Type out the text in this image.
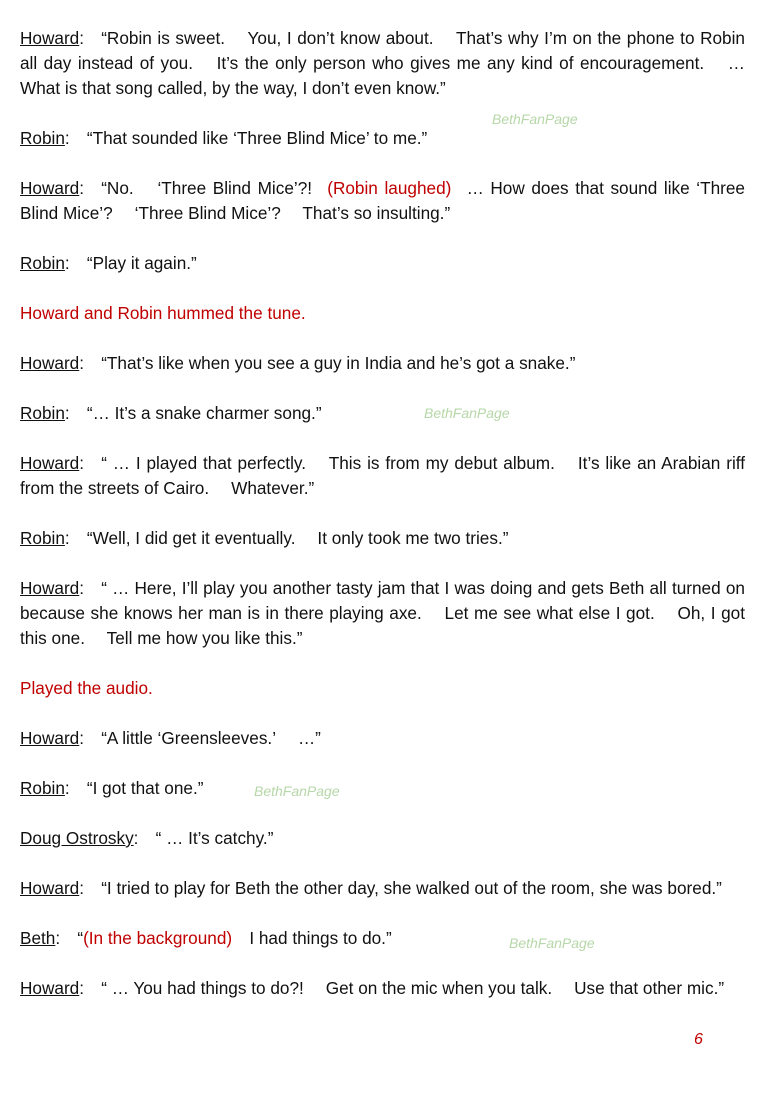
Howard:  “Robin is sweet.  You, I don’t know about.  That’s why I’m on the phone to Robin all day instead of you.  It’s the only person who gives me any kind of encouragement.  … What is that song called, by the way, I don’t even know.”

Robin:  “That sounded like ‘Three Blind Mice’ to me.”

Howard:  “No.  ‘Three Blind Mice’?!  (Robin laughed)  … How does that sound like ‘Three Blind Mice’?  ‘Three Blind Mice’?  That’s so insulting.”

Robin:  “Play it again.”

Howard and Robin hummed the tune.

Howard:  “That’s like when you see a guy in India and he’s got a snake.”

Robin:  “… It’s a snake charmer song.”

Howard:  “ … I played that perfectly.  This is from my debut album.  It’s like an Arabian riff from the streets of Cairo.  Whatever.”

Robin:  “Well, I did get it eventually.  It only took me two tries.”

Howard:  “ … Here, I’ll play you another tasty jam that I was doing and gets Beth all turned on because she knows her man is in there playing axe.  Let me see what else I got.  Oh, I got this one.  Tell me how you like this.”

Played the audio.

Howard:  “A little ‘Greensleeves.’  …”

Robin:  “I got that one.”

Doug Ostrosky:  “ … It’s catchy.”

Howard:  “I tried to play for Beth the other day, she walked out of the room, she was bored.”

Beth:  “(In the background)  I had things to do.”

Howard:  “ … You had things to do?!  Get on the mic when you talk.  Use that other mic.”

BethFanPage
BethFanPage
BethFanPage
BethFanPage
6
